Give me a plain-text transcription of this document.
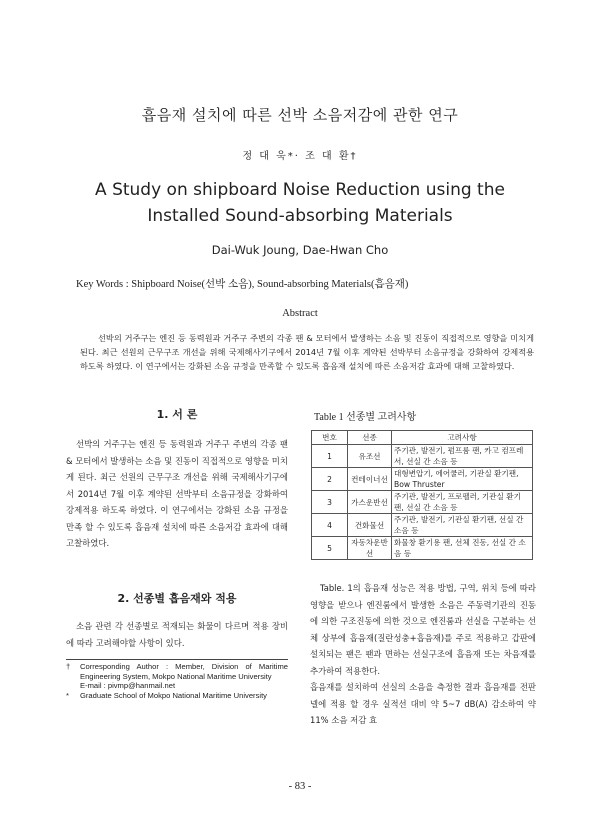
흡음재 설치에 따른 선박 소음저감에 관한 연구
정 대 욱*· 조 대 환†
A Study on shipboard Noise Reduction using the Installed Sound-absorbing Materials
Dai-Wuk Joung, Dae-Hwan Cho
Key Words : Shipboard Noise(선박 소음), Sound-absorbing Materials(흡음재)
Abstract

선박의 거주구는 엔진 등 동력원과 거주구 주변의 각종 팬 & 모터에서 발생하는 소음 및 진동이 직접적으로 영향을 미치게 된다. 최근 선원의 근무구조 개선을 위해 국제해사기구에서 2014년 7월 이후 계약된 선박부터 소음규정을 강화하여 강제적용 하도록 하였다. 이 연구에서는 강화된 소음 규정을 만족할 수 있도록 흡음재 설치에 따른 소음저감 효과에 대해 고찰하였다.

1. 서 론

선박의 거주구는 엔진 등 동력원과 거주구 주변의 각종 팬 & 모터에서 발생하는 소음 및 진동이 직접적으로 영향을 미치게 된다. 최근 선원의 근무구조 개선을 위해 국제해사기구에서 2014년 7월 이후 계약된 선박부터 소음규정을 강화하여 강제적용 하도록 하였다. 이 연구에서는 강화된 소음 규정을 만족 할 수 있도록 흡음재 설치에 따른 소음저감 효과에 대해 고찰하였다.

2. 선종별 흡음재와 적용

소음 관련 각 선종별로 적재되는 화물이 다르며 적용 장비에 따라 고려해야할 사항이 있다.

†	Corresponding Author : Member, Division of Maritime Engineering System, Mokpo National Maritime University
E-mail : pivmp@hanmail.net
*	Graduate School of Mokpo National Maritime University
Table 1 선종별 고려사항
번호	선종	고려사항
1	유조선	주기관, 발전기, 펌프룸 팬, 카고 컴프레서, 선실 간 소음 등
2	컨테이너선	대형변압기, 에어쿨러, 기관실 환기팬, Bow Thruster
3	가스운반선	주기관, 발전기, 프로펠러, 기관실 환기팬, 선실 간 소음 등
4	건화물선	주기관, 발전기, 기관실 환기팬, 선실 간 소음 등
5	자동차운반선	화물창 환기용 팬, 선체 진동, 선실 간 소음 등

Table. 1의 흡음재 성능은 적용 방법, 구역, 위치 등에 따라 영향을 받으나 엔진룸에서 발생한 소음은 주동력기관의 진동에 의한 구조진동에 의한 것으로 엔진룸과 선실을 구분하는 선체 상부에 흡음재(질란성충+흡음재)를 주로 적용하고 갑판에 설치되는 팬은 팬과 면하는 선실구조에 흡음재 또는 차음재를 추가하여 적용한다.

흡음재를 설치하여 선실의 소음을 측정한 결과 흡음재를 전판넬에 적용 할 경우 실적선 대비 약 5~7 dB(A) 감소하여 약 11% 소음 저감 효

- 83 -
